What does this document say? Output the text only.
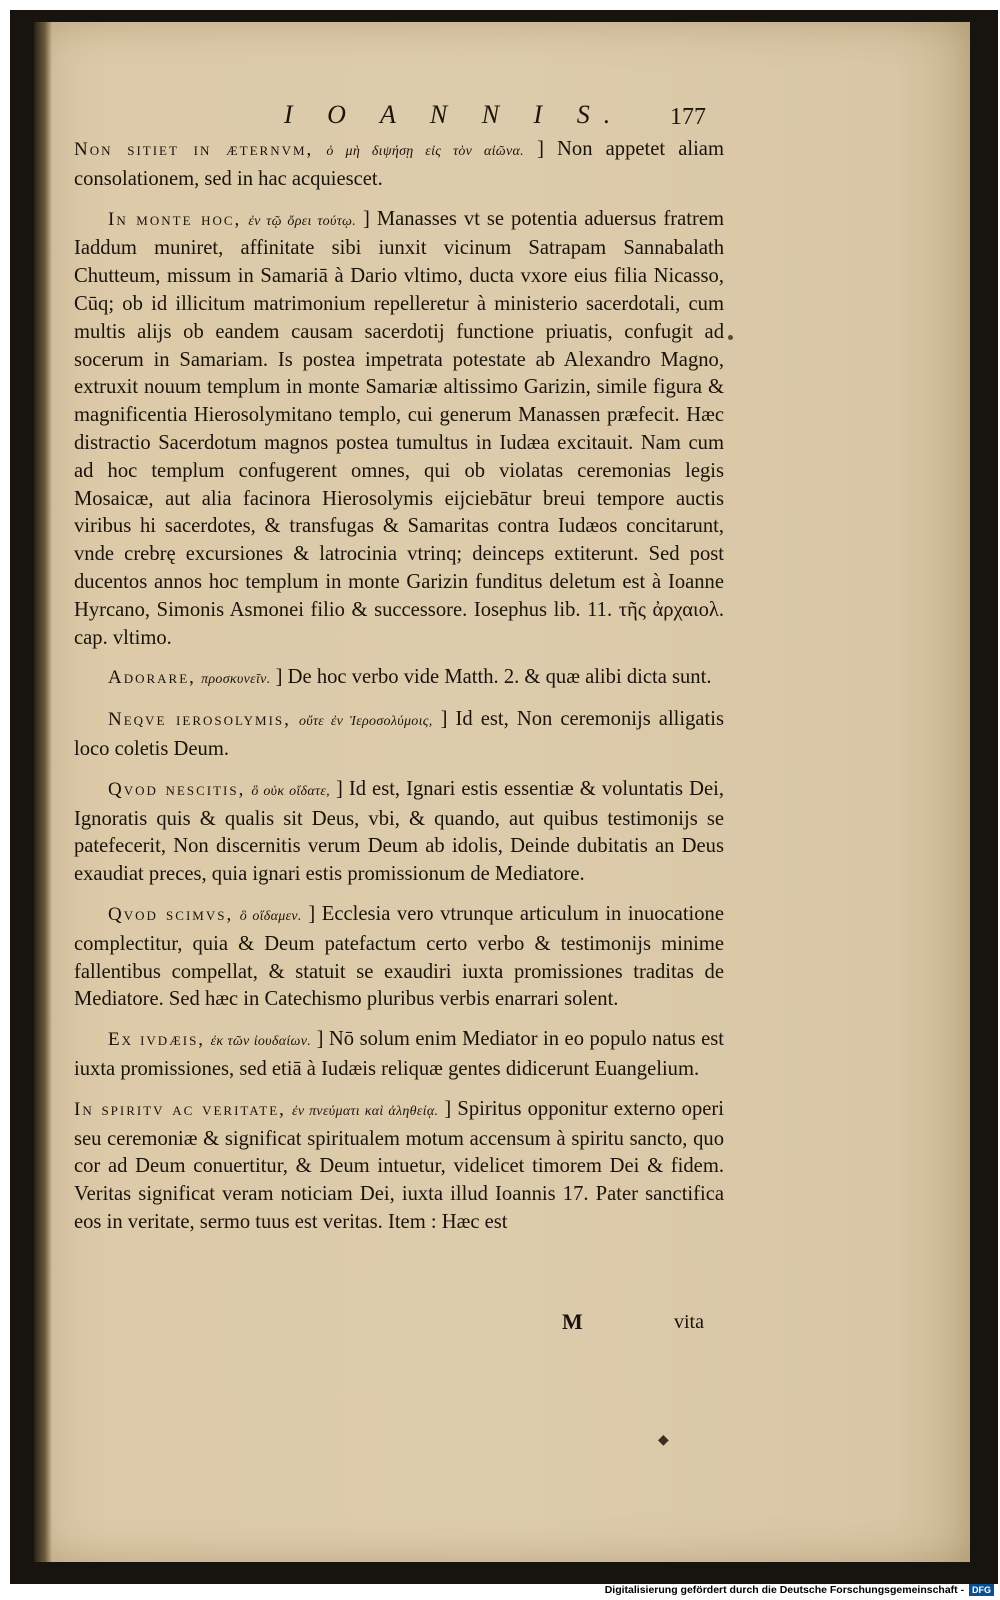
I O A N N I S. 177

Non sitiet in æternvm, ὀ μὴ διψήσῃ εἰς τὸν αἰῶνα. ] Non appetet aliam consolationem, sed in hac acquiescet.

In monte hoc, ἐν τῷ ὄρει τούτῳ. ] Manasses vt se potentia aduersus fratrem Iaddum muniret, affinitate sibi iunxit vicinum Satrapam Sannabalath Chutteum, missum in Samariā à Dario vltimo, ducta vxore eius filia Nicasso, Cūq; ob id illicitum matrimonium repelleretur à ministerio sacerdotali, cum multis alijs ob eandem causam sacerdotij functione priuatis, confugit ad socerum in Samariam. Is postea impetrata potestate ab Alexandro Magno, extruxit nouum templum in monte Samariæ altissimo Garizin, simile figura & magnificentia Hierosolymitano templo, cui generum Manassen præfecit. Hæc distractio Sacerdotum magnos postea tumultus in Iudæa excitauit. Nam cum ad hoc templum confugerent omnes, qui ob violatas ceremonias legis Mosaicæ, aut alia facinora Hierosolymis eijciebātur breui tempore auctis viribus hi sacerdotes, & transfugas & Samaritas contra Iudæos concitarunt, vnde crebrę excursiones & latrocinia vtrinq; deinceps extiterunt. Sed post ducentos annos hoc templum in monte Garizin funditus deletum est à Ioanne Hyrcano, Simonis Asmonei filio & successore. Iosephus lib. 11. τῆς ἀρχαιολ. cap. vltimo.

Adorare, προσκυνεῖν. ] De hoc verbo vide Matth. 2. & quæ alibi dicta sunt.

Neqve ierosolymis, οὔτε ἐν Ἱεροσολύμοις, ] Id est, Non ceremonijs alligatis loco coletis Deum.

Qvod nescitis, ὃ οὐκ οἴδατε, ] Id est, Ignari estis essentiæ & voluntatis Dei, Ignoratis quis & qualis sit Deus, vbi, & quando, aut quibus testimonijs se patefecerit, Non discernitis verum Deum ab idolis, Deinde dubitatis an Deus exaudiat preces, quia ignari estis promissionum de Mediatore.

Qvod scimvs, ὃ οἴδαμεν. ] Ecclesia vero vtrunque articulum in inuocatione complectitur, quia & Deum patefactum certo verbo & testimonijs minime fallentibus compellat, & statuit se exaudiri iuxta promissiones traditas de Mediatore. Sed hæc in Catechismo pluribus verbis enarrari solent.

Ex ivdæis, ἐκ τῶν ἰουδαίων. ] Nō solum enim Mediator in eo populo natus est iuxta promissiones, sed etiā à Iudæis reliquæ gentes didicerunt Euangelium.

In spiritv ac veritate, ἐν πνεύματι καὶ ἀληθείᾳ. ] Spiritus opponitur externo operi seu ceremoniæ & significat spiritualem motum accensum à spiritu sancto, quo cor ad Deum conuertitur, & Deum intuetur, videlicet timorem Dei & fidem. Veritas significat veram noticiam Dei, iuxta illud Ioannis 17. Pater sanctifica eos in veritate, sermo tuus est veritas. Item : Hæc est

M	vita
◆
Digitalisierung gefördert durch die Deutsche Forschungsgemeinschaft - DFG
